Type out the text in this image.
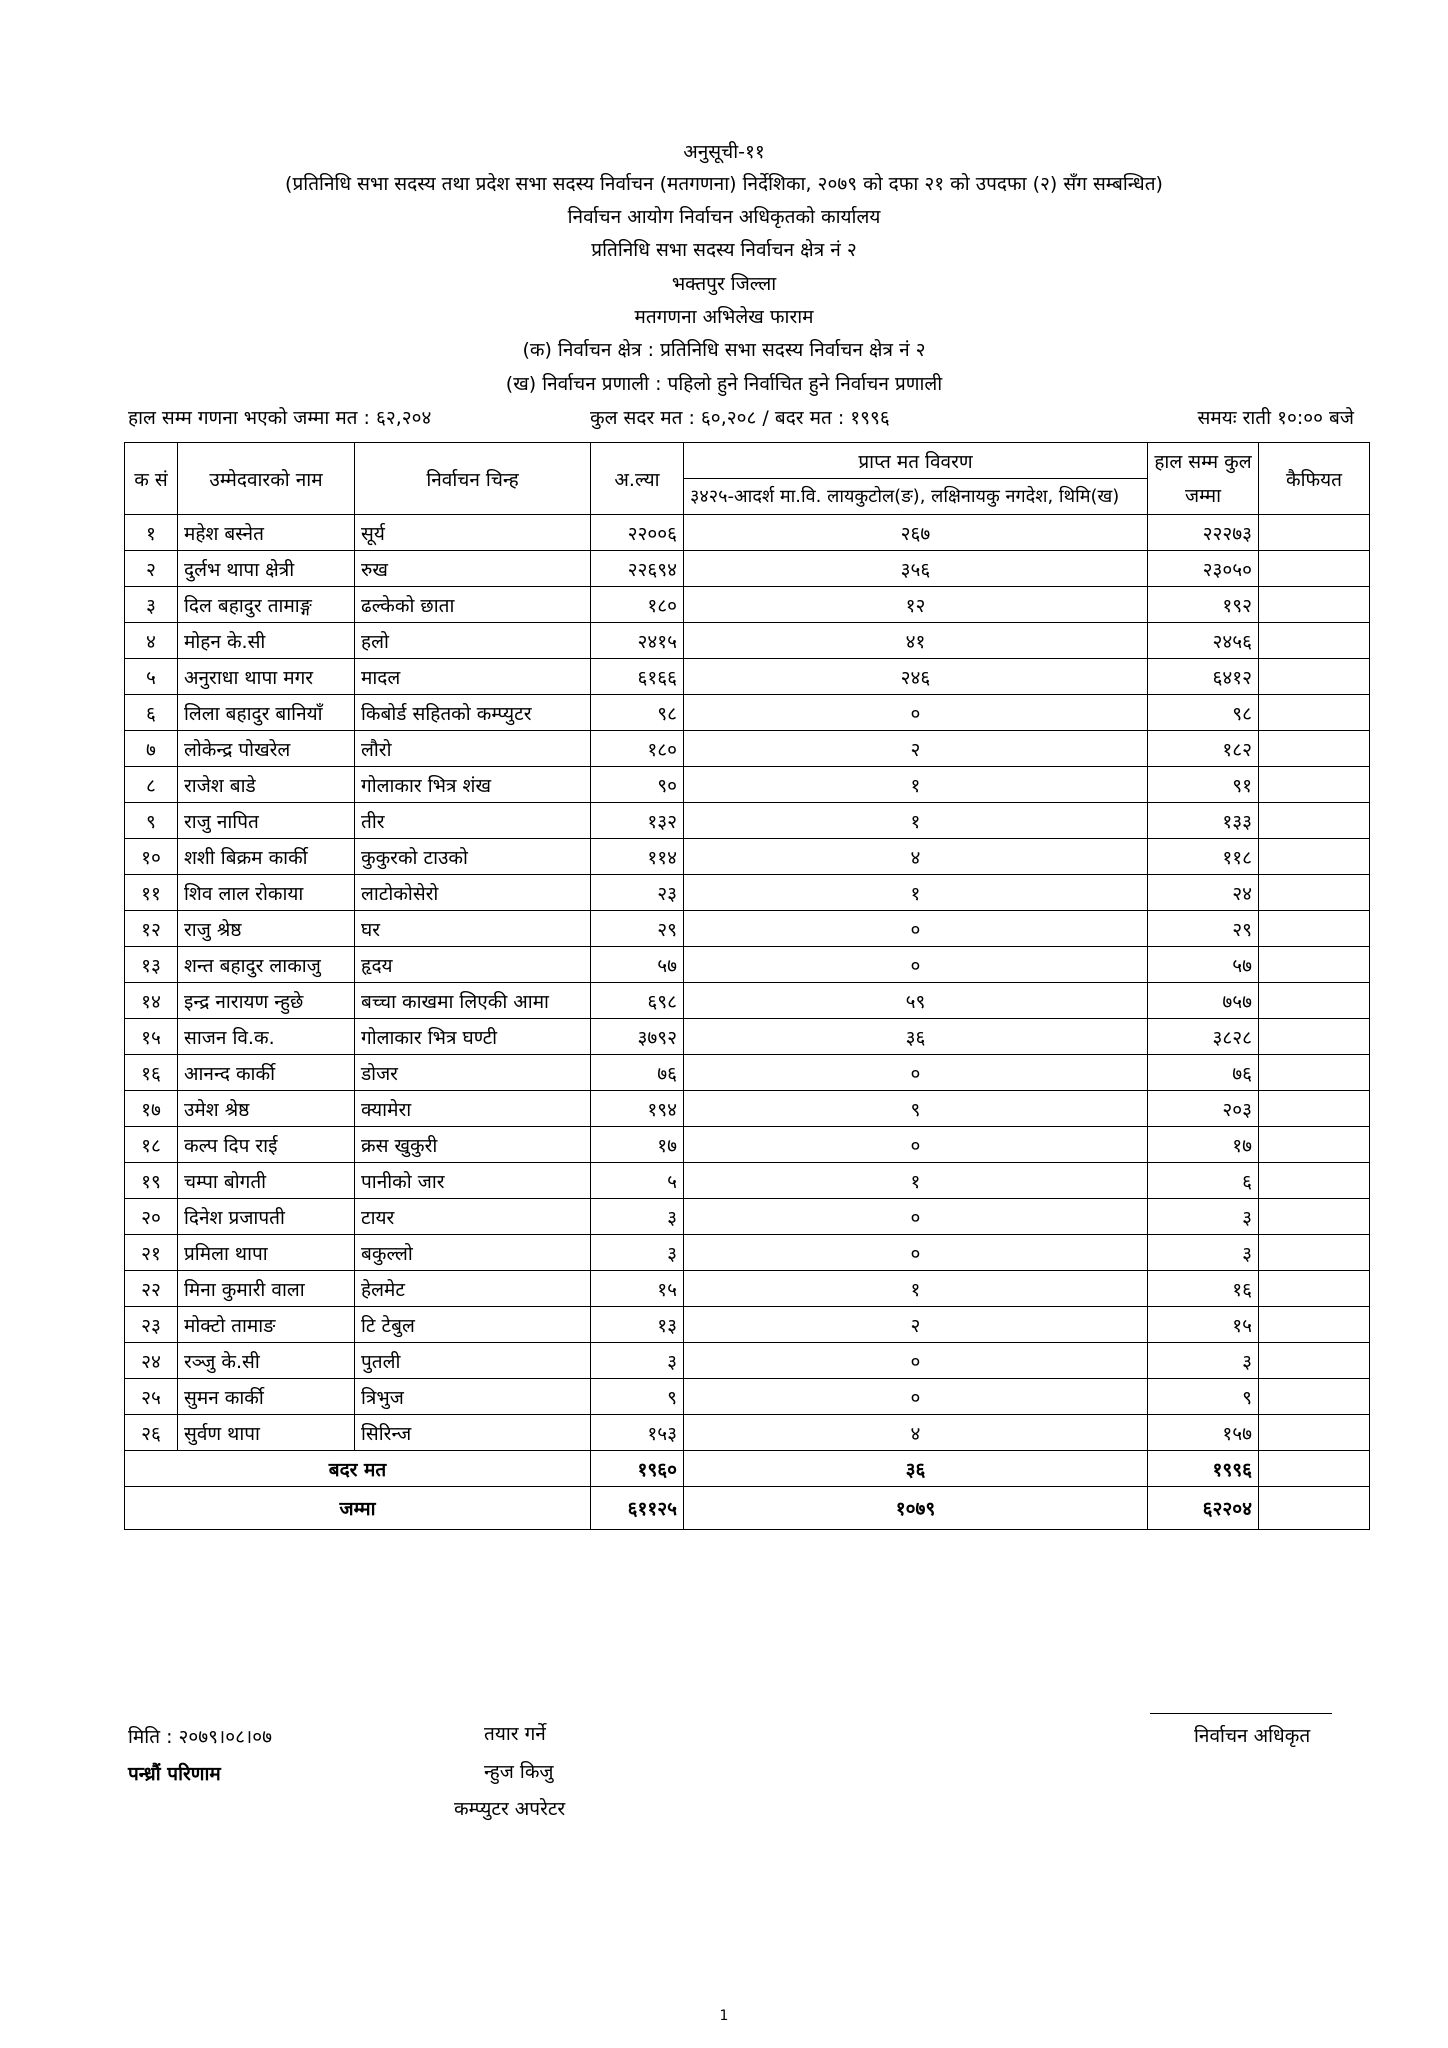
अनुसूची-११
(प्रतिनिधि सभा सदस्य तथा प्रदेश सभा सदस्य निर्वाचन (मतगणना) निर्देशिका, २०७९ को दफा २१ को उपदफा (२) सँग सम्बन्धित)
निर्वाचन आयोग निर्वाचन अधिकृतको कार्यालय
प्रतिनिधि सभा सदस्य निर्वाचन क्षेत्र नं २
भक्तपुर जिल्ला
मतगणना अभिलेख फाराम
(क) निर्वाचन क्षेत्र : प्रतिनिधि सभा सदस्य निर्वाचन क्षेत्र नं २
(ख) निर्वाचन प्रणाली : पहिलो हुने निर्वाचित हुने निर्वाचन प्रणाली
हाल सम्म गणना भएको जम्मा मत : ६२,२०४	कुल सदर मत : ६०,२०८ / बदर मत : १९९६	समयः राती १०:०० बजे
क सं	उम्मेदवारको नाम	निर्वाचन चिन्ह	अ.ल्या	प्राप्त मत विवरण	हाल सम्म कुल जम्मा	कैफियत
				३४२५-आदर्श मा.वि. लायकुटोल(ङ), लक्षिनायकु नगदेश, थिमि(ख)		
१	महेश बस्नेत	सूर्य	२२००६	२६७	२२२७३	
२	दुर्लभ थापा क्षेत्री	रुख	२२६९४	३५६	२३०५०	
३	दिल बहादुर तामाङ्ग	ढल्केको छाता	१८०	१२	१९२	
४	मोहन के.सी	हलो	२४१५	४१	२४५६	
५	अनुराधा थापा मगर	मादल	६१६६	२४६	६४१२	
६	लिला बहादुर बानियाँ	किबोर्ड सहितको कम्प्युटर	९८	०	९८	
७	लोकेन्द्र पोखरेल	लौरो	१८०	२	१८२	
८	राजेश बाडे	गोलाकार भित्र शंख	९०	१	९१	
९	राजु नापित	तीर	१३२	१	१३३	
१०	शशी बिक्रम कार्की	कुकुरको टाउको	११४	४	११८	
११	शिव लाल रोकाया	लाटोकोसेरो	२३	१	२४	
१२	राजु श्रेष्ठ	घर	२९	०	२९	
१३	शन्त बहादुर लाकाजु	हृदय	५७	०	५७	
१४	इन्द्र नारायण न्हुछे	बच्चा काखमा लिएकी आमा	६९८	५९	७५७	
१५	साजन वि.क.	गोलाकार भित्र घण्टी	३७९२	३६	३८२८	
१६	आनन्द कार्की	डोजर	७६	०	७६	
१७	उमेश श्रेष्ठ	क्यामेरा	१९४	९	२०३	
१८	कल्प दिप राई	क्रस खुकुरी	१७	०	१७	
१९	चम्पा बोगती	पानीको जार	५	१	६	
२०	दिनेश प्रजापती	टायर	३	०	३	
२१	प्रमिला थापा	बकुल्लो	३	०	३	
२२	मिना कुमारी वाला	हेलमेट	१५	१	१६	
२३	मोक्टो तामाङ	टि टेबुल	१३	२	१५	
२४	रञ्जु के.सी	पुतली	३	०	३	
२५	सुमन कार्की	त्रिभुज	९	०	९	
२६	सुर्वण थापा	सिरिन्ज	१५३	४	१५७	
बदर मत			१९६०	३६	१९९६	
जम्मा			६११२५	१०७९	६२२०४	
मिति : २०७९।०८।०७
पन्ध्रौं परिणाम
तयार गर्ने
न्हुज किजु
कम्प्युटर अपरेटर
निर्वाचन अधिकृत
1
